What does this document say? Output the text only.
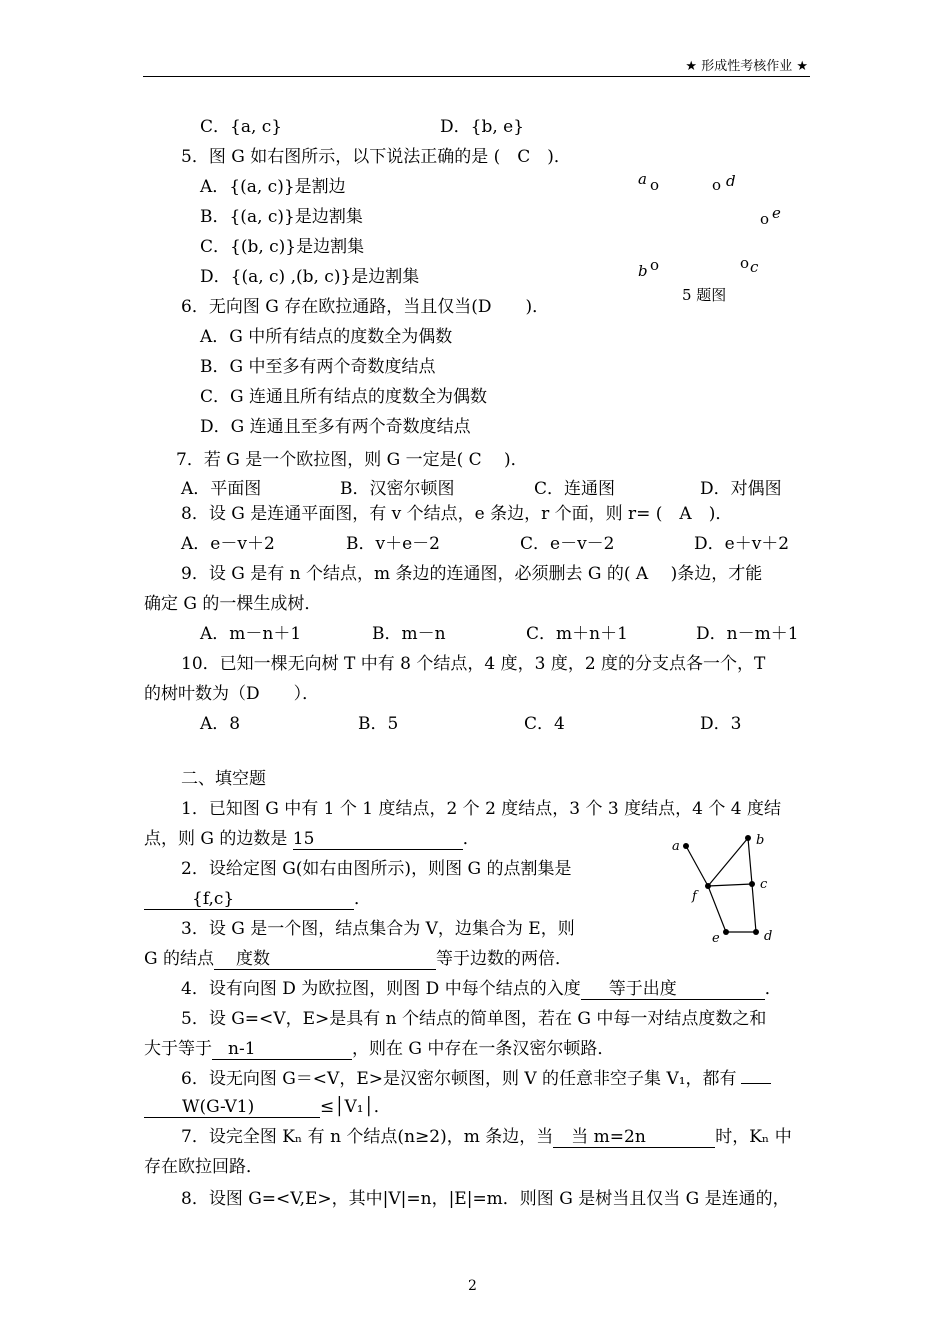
★ 形成性考核作业 ★
C．{a, c}	D．{b, e}
5．图 G 如右图所示，以下说法正确的是 (　C　)．
A．{(a, c)}是割边
B．{(a, c)}是边割集
C．{(b, c)}是边割集
D．{(a, c) ,(b, c)}是边割集
6．无向图 G 存在欧拉通路，当且仅当(D　　)．
A．G 中所有结点的度数全为偶数
B．G 中至多有两个奇数度结点
C．G 连通且所有结点的度数全为偶数
D．G 连通且至多有两个奇数度结点
7．若 G 是一个欧拉图，则 G 一定是( C　 )．
A．平面图	B．汉密尔顿图	C．连通图	D．对偶图
8．设 G 是连通平面图，有 v 个结点，e 条边，r 个面，则 r= (　A　)．
A．e－v＋2	B．v＋e－2	C．e－v－2	D．e＋v＋2
9．设 G 是有 n 个结点，m 条边的连通图，必须删去 G 的( A　 )条边，才能
确定 G 的一棵生成树．
A．m－n＋1	B．m－n	C．m＋n＋1	D．n－m＋1
10．已知一棵无向树 T 中有 8 个结点，4 度，3 度，2 度的分支点各一个，T
的树叶数为（D　　）．
A．8	B．5	C．4	D．3
二、填空题
1．已知图 G 中有 1 个 1 度结点，2 个 2 度结点，3 个 3 度结点，4 个 4 度结
点，则 G 的边数是 15	．
2．设给定图 G(如右由图所示)，则图 G 的点割集是
{f,c}	．
3．设 G 是一个图，结点集合为 V，边集合为 E，则
G 的结点 度数	等于边数的两倍．
4．设有向图 D 为欧拉图，则图 D 中每个结点的入度 等于出度	．
5．设 G=<V，E>是具有 n 个结点的简单图，若在 G 中每一对结点度数之和
大于等于 n-1	，则在 G 中存在一条汉密尔顿路．
6．设无向图 G＝<V，E>是汉密尔顿图，则 V 的任意非空子集 V₁，都有
W(G-V1)	≤│V₁│．
7．设完全图 Kₙ 有 n 个结点(n≥2)，m 条边，当 当 m=2n	时，Kₙ 中
存在欧拉回路．
8．设图 G=<V,E>，其中|V|=n，|E|=m．则图 G 是树当且仅当 G 是连通的，
a o	o d
o e
b o	o c
5 题图
a	b
f
c
e	d
2
